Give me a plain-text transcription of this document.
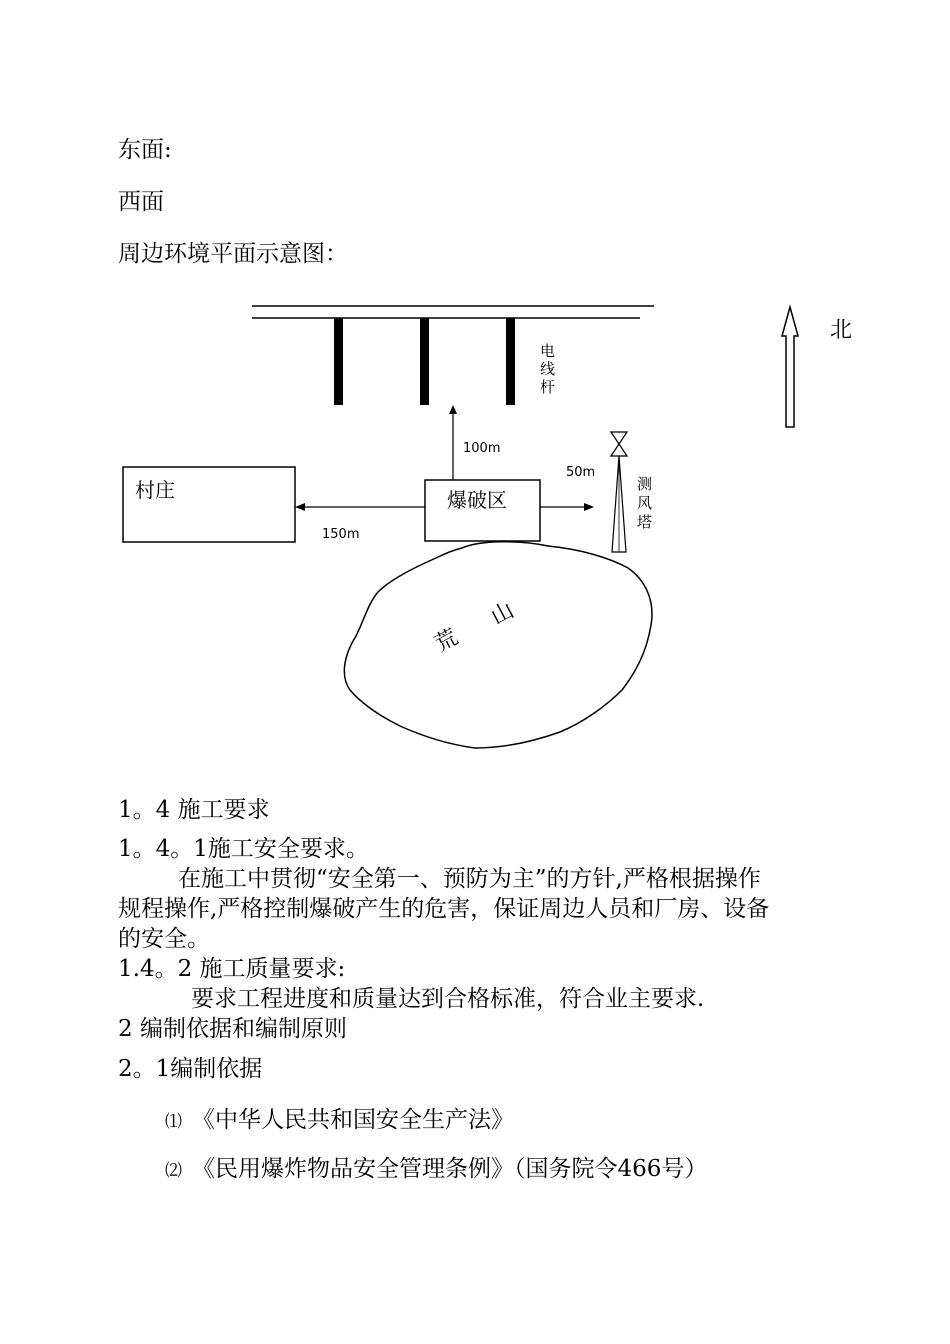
东面:
西面
周边环境平面示意图：
电
线
杆
北
村庄	爆破区
100m
150m
50m
测
风
塔
荒
山
1。4 施工要求
1。4。1施工安全要求。
在施工中贯彻“安全第一、预防为主”的方针,严格根据操作
规程操作,严格控制爆破产生的危害，保证周边人员和厂房、设备
的安全。
1.4。2 施工质量要求:
要求工程进度和质量达到合格标准，符合业主要求.
2 编制依据和编制原则
2。1编制依据
⑴ 《中华人民共和国安全生产法》
⑵ 《民用爆炸物品安全管理条例》（国务院令466号）
